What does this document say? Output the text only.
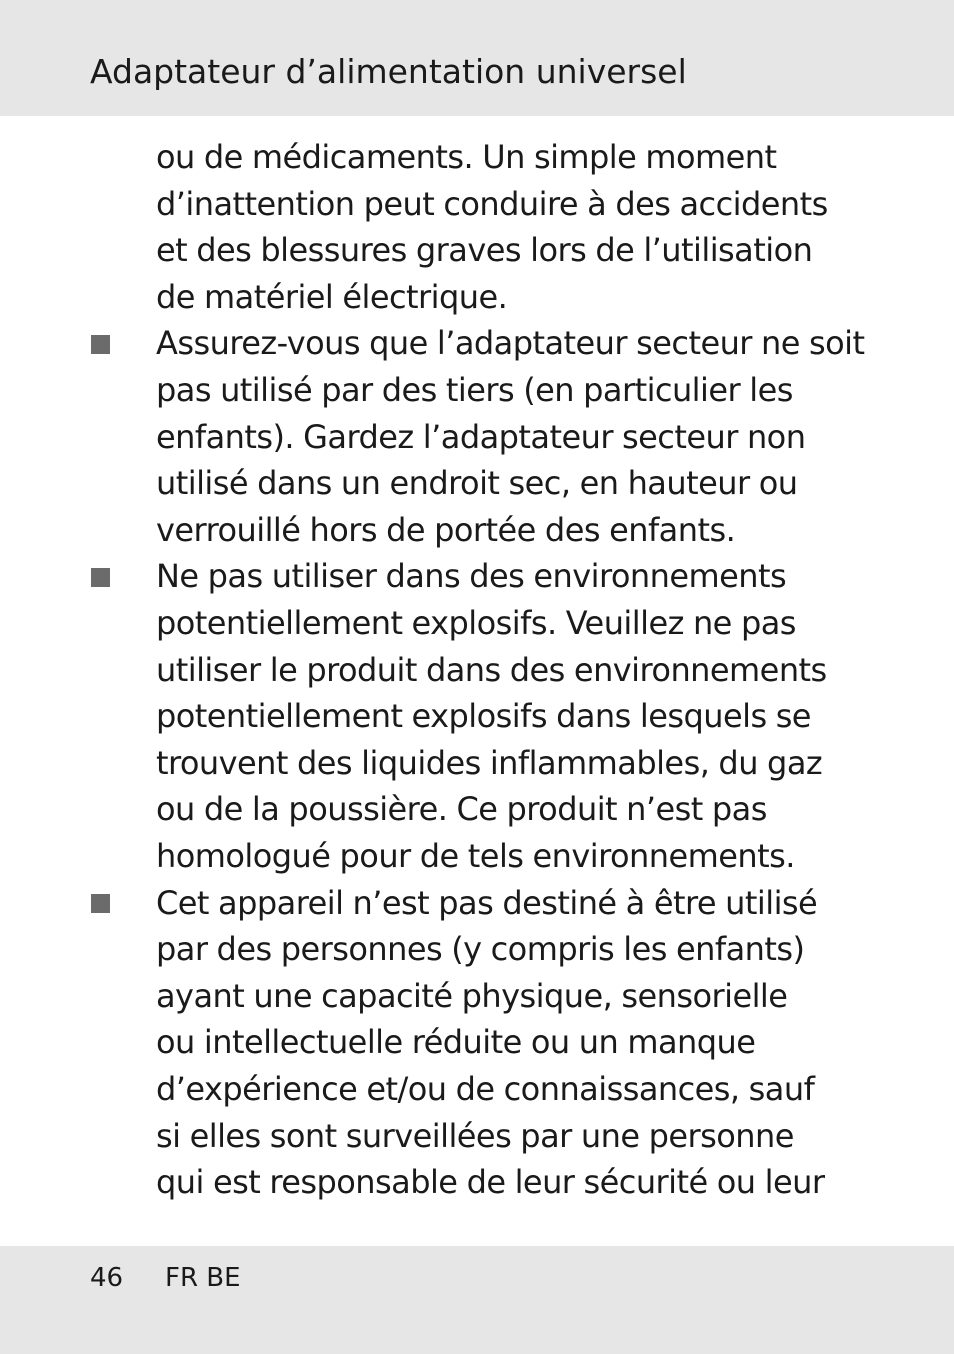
Adaptateur d’alimentation universel
ou de médicaments. Un simple moment
d’inattention peut conduire à des accidents
et des blessures graves lors de l’utilisation
de matériel électrique.
Assurez-vous que l’adaptateur secteur ne soit
pas utilisé par des tiers (en particulier les
enfants). Gardez l’adaptateur secteur non
utilisé dans un endroit sec, en hauteur ou
verrouillé hors de portée des enfants.
Ne pas utiliser dans des environnements
potentiellement explosifs. Veuillez ne pas
utiliser le produit dans des environnements
potentiellement explosifs dans lesquels se
trouvent des liquides inflammables, du gaz
ou de la poussière. Ce produit n’est pas
homologué pour de tels environnements.
Cet appareil n’est pas destiné à être utilisé
par des personnes (y compris les enfants)
ayant une capacité physique, sensorielle
ou intellectuelle réduite ou un manque
d’expérience et/ou de connaissances, sauf
si elles sont surveillées par une personne
qui est responsable de leur sécurité ou leur
46 FR BE
